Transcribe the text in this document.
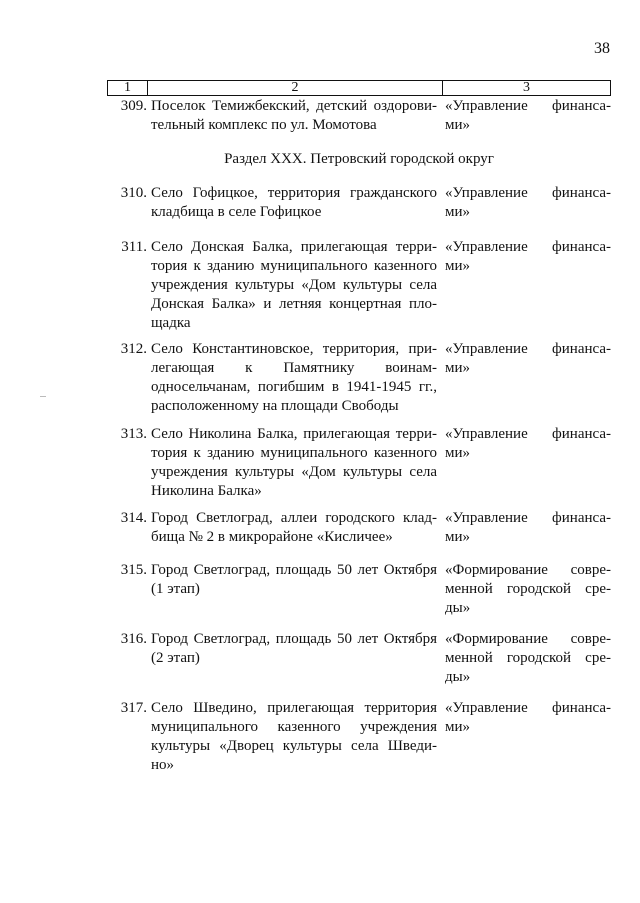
38
1	2	3
309. Поселок Темижбекский, детский оздорови-тельный комплекс по ул. Момотова
«Управление финанса-ми»
Раздел XXX. Петровский городской округ
310. Село Гофицкое, территория гражданского кладбища в селе Гофицкое
«Управление финанса-ми»
311. Село Донская Балка, прилегающая терри-тория к зданию муниципального казенного учреждения культуры «Дом культуры села Донская Балка» и летняя концертная пло-щадка
«Управление финанса-ми»
312. Село Константиновское, территория, при-легающая к Памятнику воинам-односельчанам, погибшим в 1941-1945 гг., расположенному на площади Свободы
«Управление финанса-ми»
313. Село Николина Балка, прилегающая терри-тория к зданию муниципального казенного учреждения культуры «Дом культуры села Николина Балка»
«Управление финанса-ми»
314. Город Светлоград, аллеи городского клад-бища № 2 в микрорайоне «Кисличее»
«Управление финанса-ми»
315. Город Светлоград, площадь 50 лет Октября (1 этап)
«Формирование совре-менной городской сре-ды»
316. Город Светлоград, площадь 50 лет Октября (2 этап)
«Формирование совре-менной городской сре-ды»
317. Село Шведино, прилегающая территория муниципального казенного учреждения культуры «Дворец культуры села Шведи-но»
«Управление финанса-ми»
